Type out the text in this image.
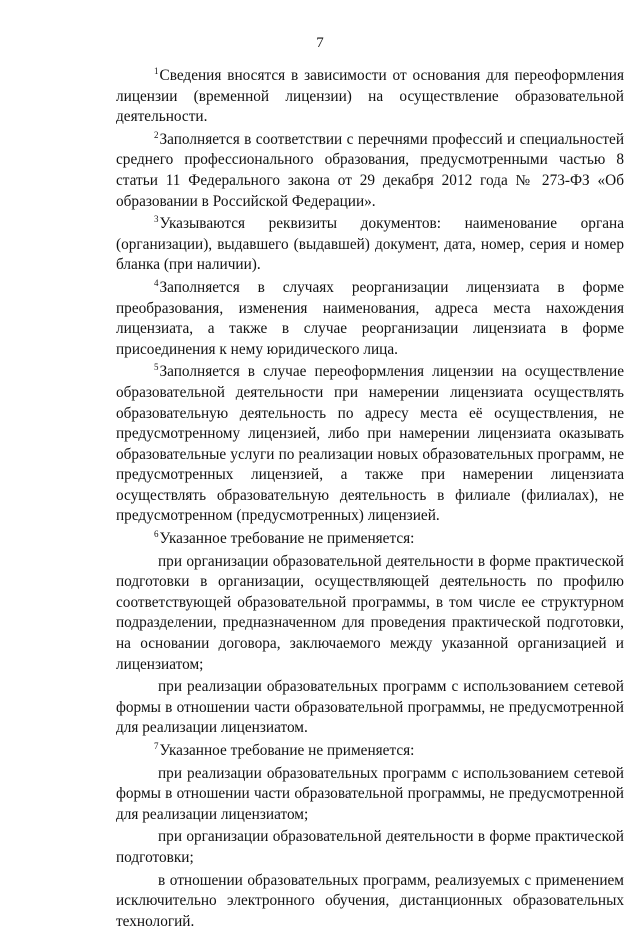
7

$^1$Сведения вносятся в зависимости от основания для переоформления лицензии (временной лицензии) на осуществление образовательной деятельности.

$^2$Заполняется в соответствии с перечнями профессий и специальностей среднего профессионального образования, предусмотренными частью 8 статьи 11 Федерального закона от 29 декабря 2012 года № 273-ФЗ «Об образовании в Российской Федерации».

$^3$Указываются реквизиты документов: наименование органа (организации), выдавшего (выдавшей) документ, дата, номер, серия и номер бланка (при наличии).

$^4$Заполняется в случаях реорганизации лицензиата в форме преобразования, изменения наименования, адреса места нахождения лицензиата, а также в случае реорганизации лицензиата в форме присоединения к нему юридического лица.

$^5$Заполняется в случае переоформления лицензии на осуществление образовательной деятельности при намерении лицензиата осуществлять образовательную деятельность по адресу места её осуществления, не предусмотренному лицензией, либо при намерении лицензиата оказывать образовательные услуги по реализации новых образовательных программ, не предусмотренных лицензией, а также при намерении лицензиата осуществлять образовательную деятельность в филиале (филиалах), не предусмотренном (предусмотренных) лицензией.

$^6$Указанное требование не применяется:

при организации образовательной деятельности в форме практической подготовки в организации, осуществляющей деятельность по профилю соответствующей образовательной программы, в том числе ее структурном подразделении, предназначенном для проведения практической подготовки, на основании договора, заключаемого между указанной организацией и лицензиатом;

при реализации образовательных программ с использованием сетевой формы в отношении части образовательной программы, не предусмотренной для реализации лицензиатом.

$^7$Указанное требование не применяется:

при реализации образовательных программ с использованием сетевой формы в отношении части образовательной программы, не предусмотренной для реализации лицензиатом;

при организации образовательной деятельности в форме практической подготовки;

в отношении образовательных программ, реализуемых с применением исключительно электронного обучения, дистанционных образовательных технологий.
